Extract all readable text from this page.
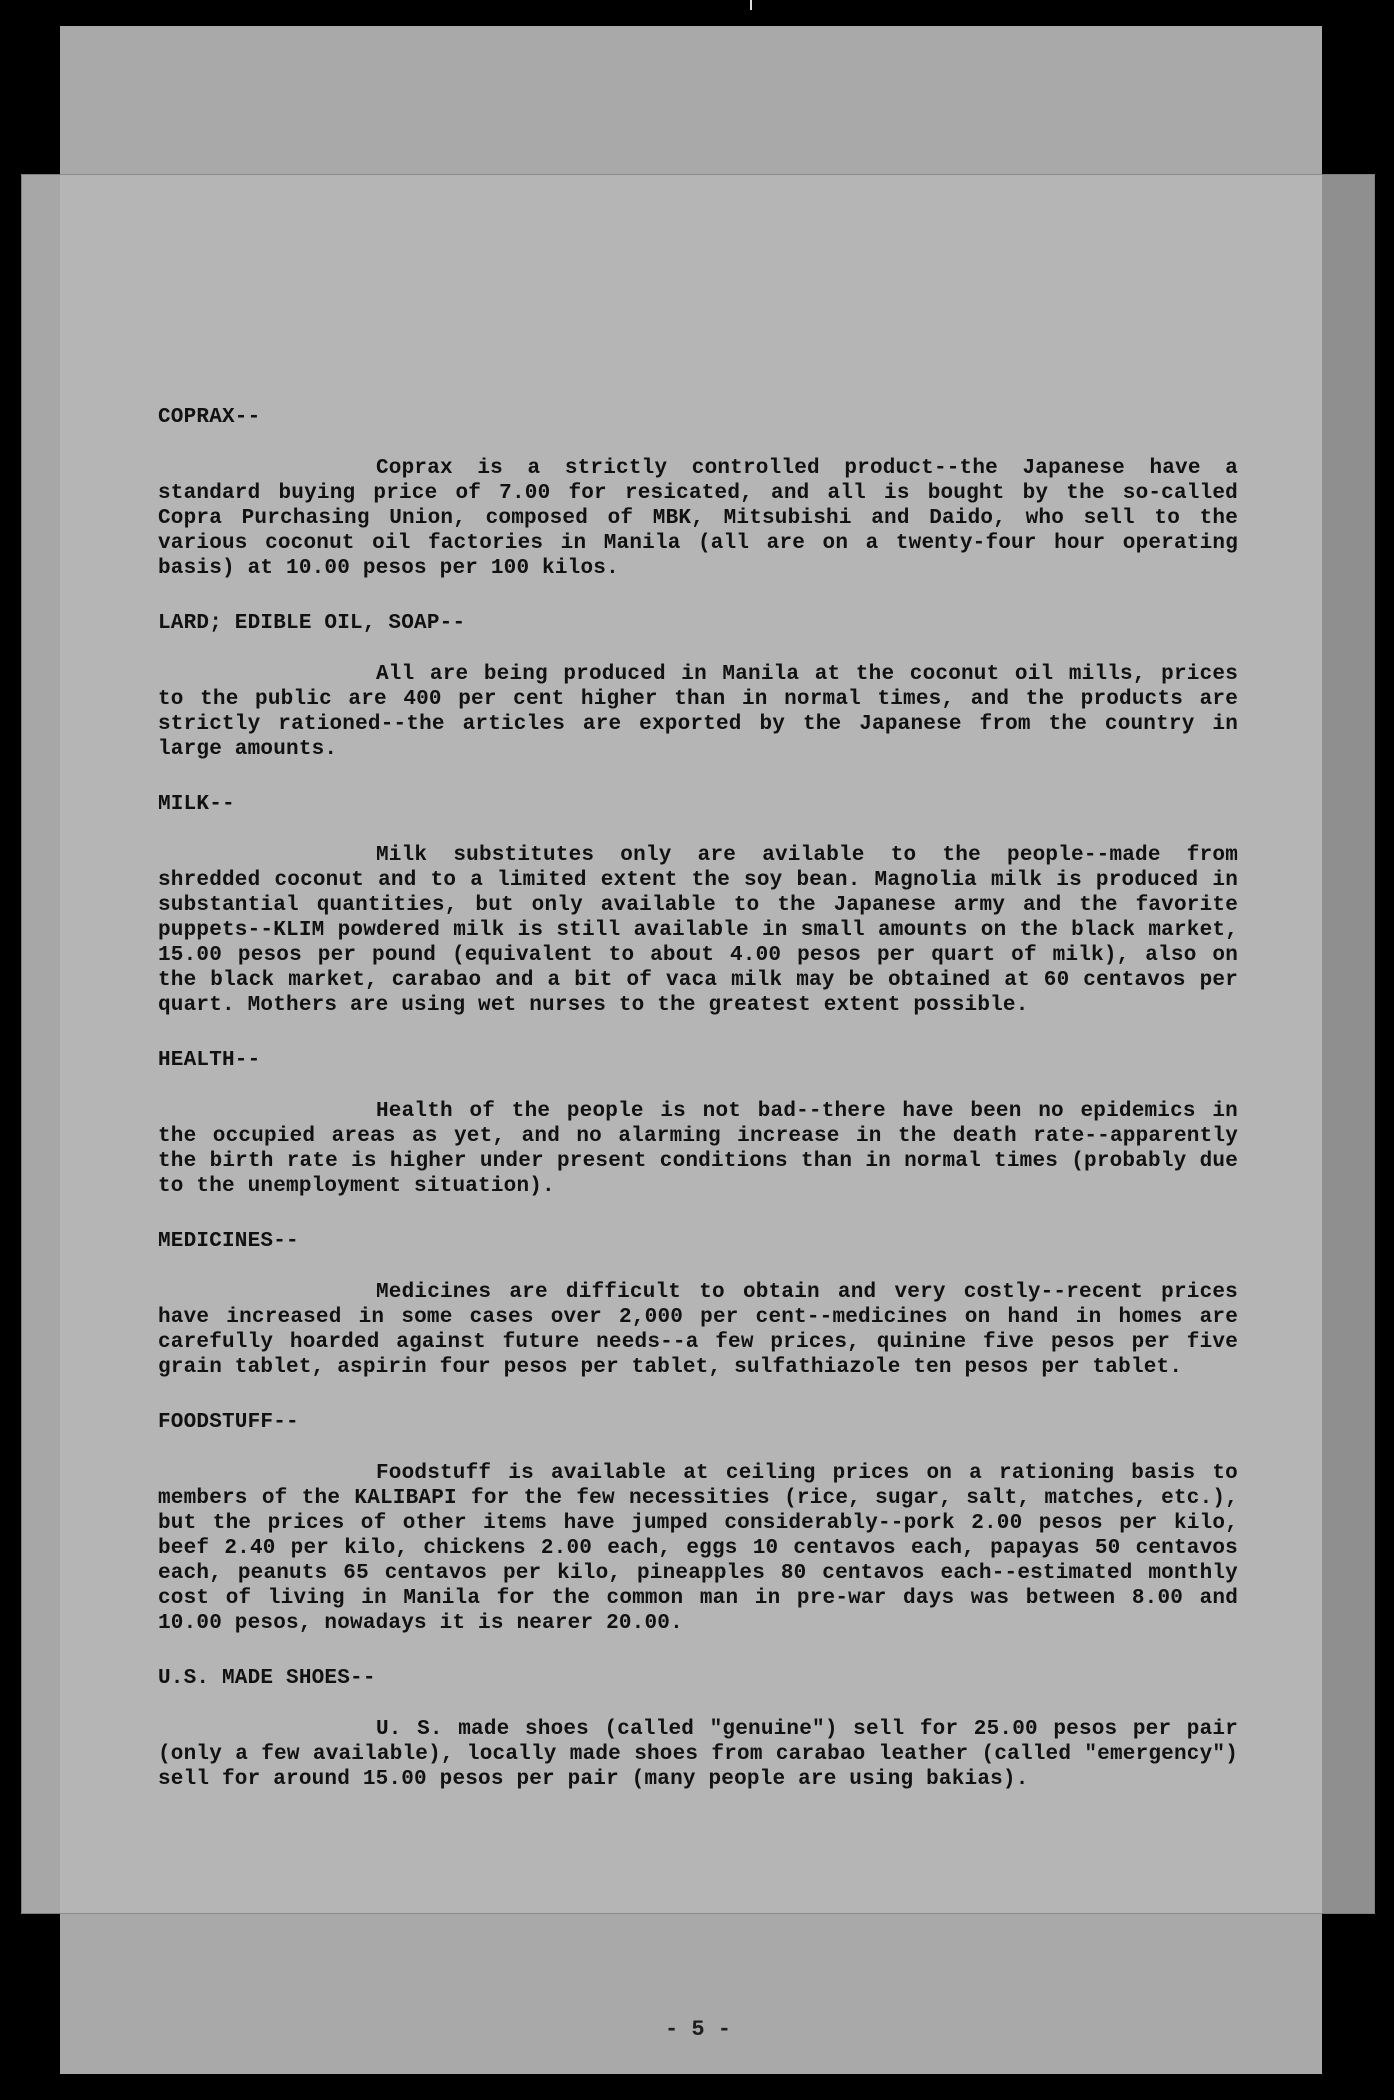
- 5 -

COPRAX--

Coprax is a strictly controlled product--the Japanese have a standard buying price of 7.00 for resicated, and all is bought by the so-called Copra Purchasing Union, composed of MBK, Mitsubishi and Daido, who sell to the various coconut oil factories in Manila (all are on a twenty-four hour operating basis) at 10.00 pesos per 100 kilos.

LARD; EDIBLE OIL, SOAP--

All are being produced in Manila at the coconut oil mills, prices to the public are 400 per cent higher than in normal times, and the products are strictly rationed--the articles are exported by the Japanese from the country in large amounts.

MILK--

Milk substitutes only are avilable to the people--made from shredded coconut and to a limited extent the soy bean. Magnolia milk is produced in substantial quantities, but only available to the Japanese army and the favorite puppets--KLIM powdered milk is still available in small amounts on the black market, 15.00 pesos per pound (equivalent to about 4.00 pesos per quart of milk), also on the black market, carabao and a bit of vaca milk may be obtained at 60 centavos per quart. Mothers are using wet nurses to the greatest extent possible.

HEALTH--

Health of the people is not bad--there have been no epidemics in the occupied areas as yet, and no alarming increase in the death rate--apparently the birth rate is higher under present conditions than in normal times (probably due to the unemployment situation).

MEDICINES--

Medicines are difficult to obtain and very costly--recent prices have increased in some cases over 2,000 per cent--medicines on hand in homes are carefully hoarded against future needs--a few prices, quinine five pesos per five grain tablet, aspirin four pesos per tablet, sulfathiazole ten pesos per tablet.

FOODSTUFF--

Foodstuff is available at ceiling prices on a rationing basis to members of the KALIBAPI for the few necessities (rice, sugar, salt, matches, etc.), but the prices of other items have jumped considerably--pork 2.00 pesos per kilo, beef 2.40 per kilo, chickens 2.00 each, eggs 10 centavos each, papayas 50 centavos each, peanuts 65 centavos per kilo, pineapples 80 centavos each--estimated monthly cost of living in Manila for the common man in pre-war days was between 8.00 and 10.00 pesos, nowadays it is nearer 20.00.

U.S. MADE SHOES--

U. S. made shoes (called "genuine") sell for 25.00 pesos per pair (only a few available), locally made shoes from carabao leather (called "emergency") sell for around 15.00 pesos per pair (many people are using bakias).
